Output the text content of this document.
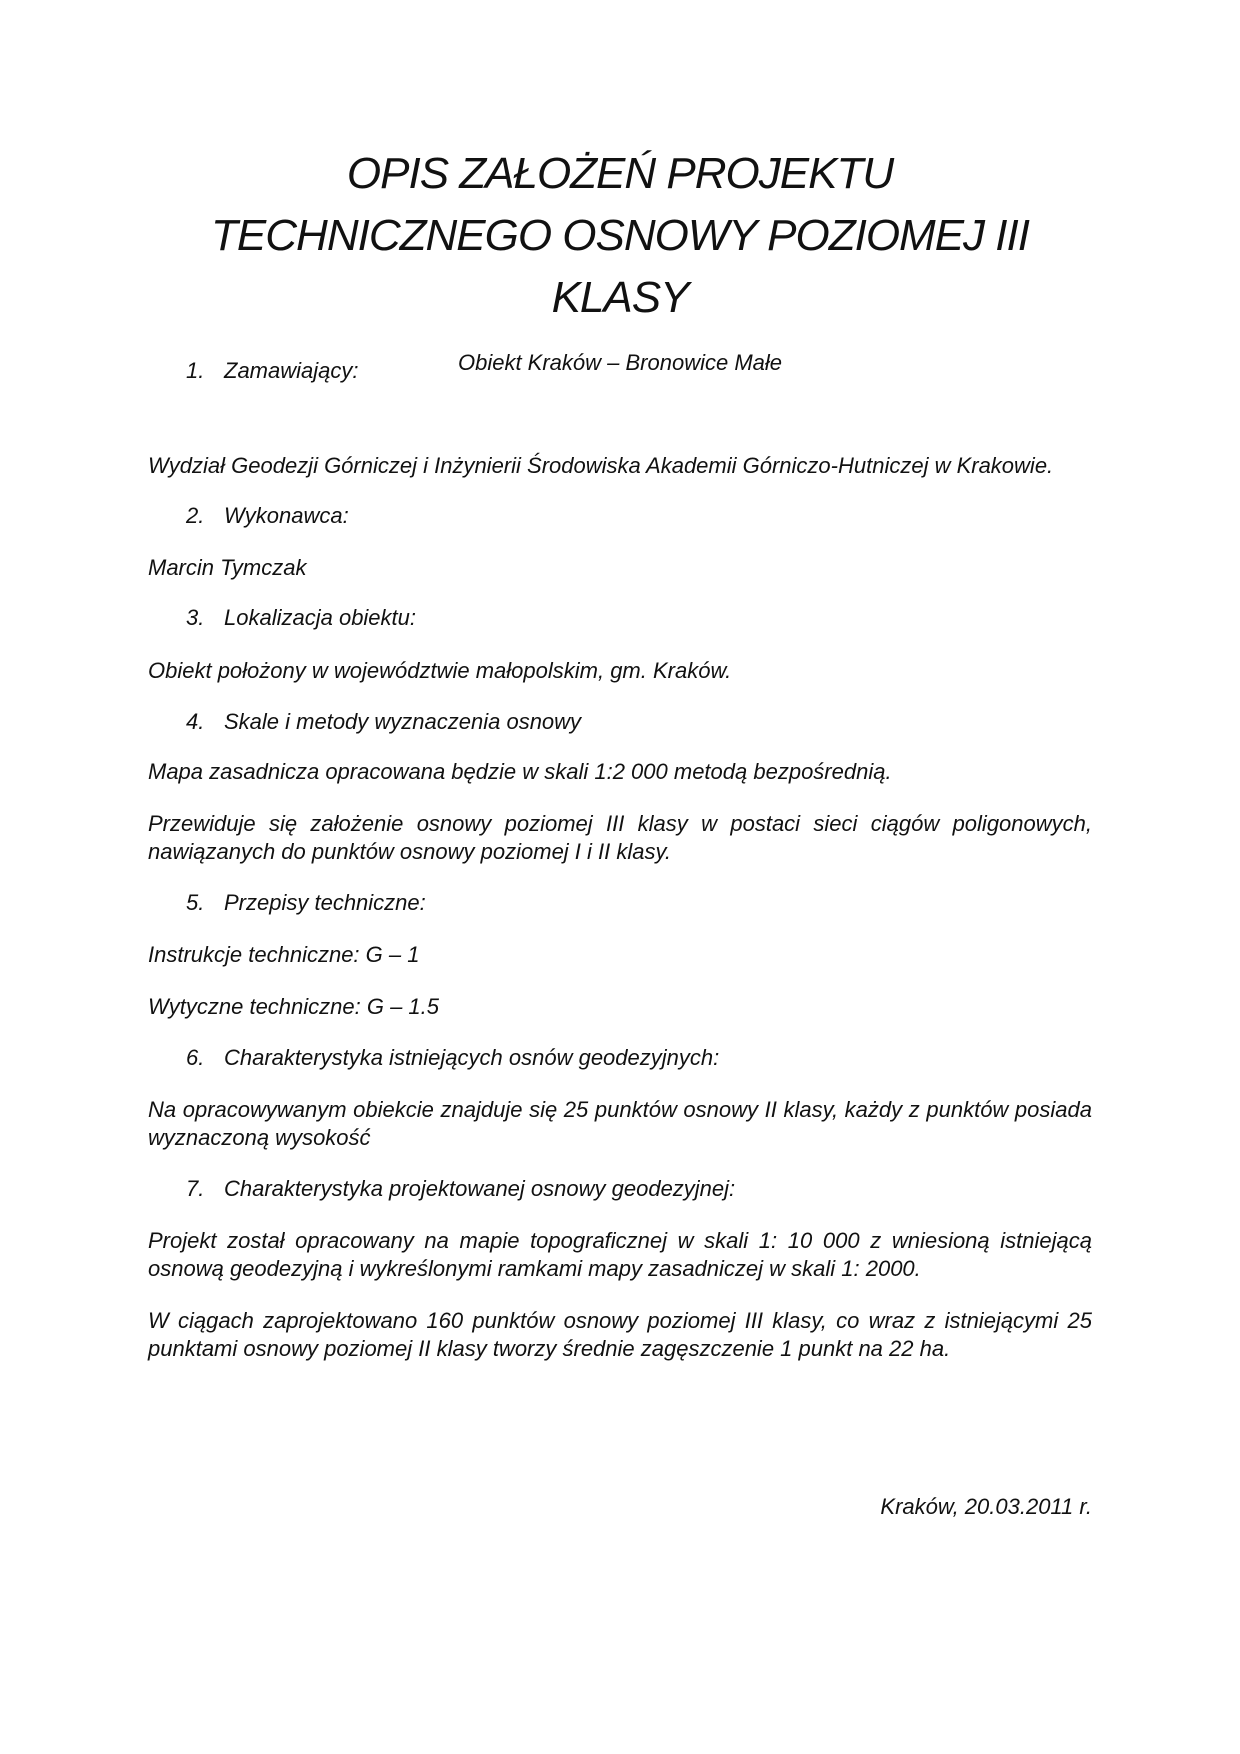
OPIS ZAŁOŻEŃ PROJEKTU
TECHNICZNEGO OSNOWY POZIOMEJ III
KLASY

Obiekt Kraków – Bronowice Małe

1. Zamawiający:

Wydział Geodezji Górniczej i Inżynierii Środowiska Akademii Górniczo-Hutniczej w Krakowie.

2. Wykonawca:

Marcin Tymczak

3. Lokalizacja obiektu:

Obiekt położony w województwie małopolskim, gm. Kraków.

4. Skale i metody wyznaczenia osnowy

Mapa zasadnicza opracowana będzie w skali 1:2 000 metodą bezpośrednią.

Przewiduje się założenie osnowy poziomej III klasy w postaci sieci ciągów poligonowych, nawiązanych do punktów osnowy poziomej I i II klasy.

5. Przepisy techniczne:

Instrukcje techniczne: G – 1

Wytyczne techniczne: G – 1.5

6. Charakterystyka istniejących osnów geodezyjnych:

Na opracowywanym obiekcie znajduje się 25 punktów osnowy II klasy, każdy z punktów posiada wyznaczoną wysokość

7. Charakterystyka projektowanej osnowy geodezyjnej:

Projekt został opracowany na mapie topograficznej w skali 1: 10 000 z wniesioną istniejącą osnową geodezyjną i wykreślonymi ramkami mapy zasadniczej w skali 1: 2000.

W ciągach zaprojektowano 160 punktów osnowy poziomej III klasy, co wraz z istniejącymi 25 punktami osnowy poziomej II klasy tworzy średnie zagęszczenie 1 punkt na 22 ha.

Kraków, 20.03.2011 r.
